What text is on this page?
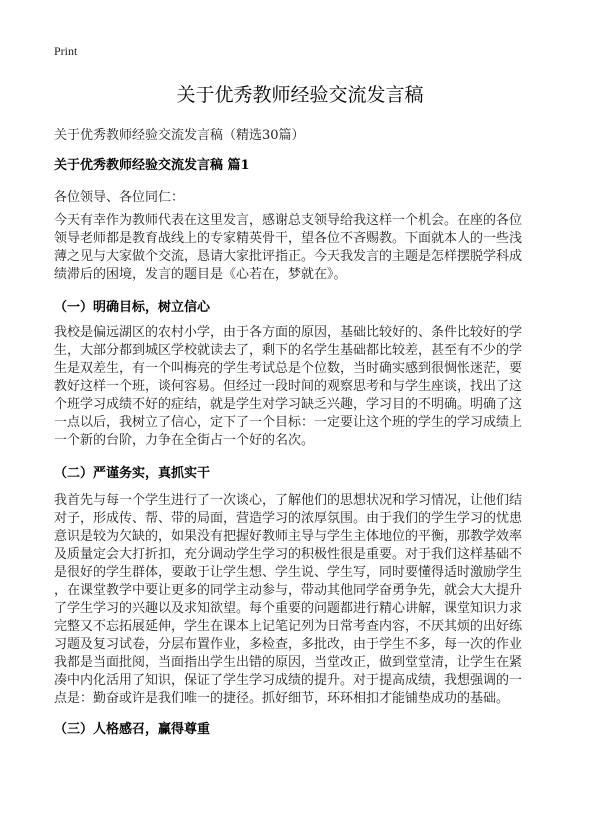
Print
关于优秀教师经验交流发言稿
关于优秀教师经验交流发言稿（精选30篇）
关于优秀教师经验交流发言稿 篇1
各位领导、各位同仁：

今天有幸作为教师代表在这里发言，感谢总支领导给我这样一个机会。在座的各位
领导老师都是教育战线上的专家精英骨干，望各位不吝赐教。下面就本人的一些浅
薄之见与大家做个交流，恳请大家批评指正。今天我发言的主题是怎样摆脱学科成
绩滞后的困境，发言的题目是《心若在，梦就在》。

（一）明确目标，树立信心

我校是偏远湖区的农村小学，由于各方面的原因，基础比较好的、条件比较好的学
生，大部分都到城区学校就读去了，剩下的名学生基础都比较差，甚至有不少的学
生是双差生，有一个叫梅亮的学生考试总是个位数，当时确实感到很惆怅迷茫，要
教好这样一个班，谈何容易。但经过一段时间的观察思考和与学生座谈，找出了这
个班学习成绩不好的症结，就是学生对学习缺乏兴趣，学习目的不明确。明确了这
一点以后，我树立了信心，定下了一个目标：一定要让这个班的学生的学习成绩上
一个新的台阶，力争在全街占一个好的名次。

（二）严谨务实，真抓实干

我首先与每一个学生进行了一次谈心，了解他们的思想状况和学习情况，让他们结
对子，形成传、帮、带的局面，营造学习的浓厚氛围。由于我们的学生学习的忧患
意识是较为欠缺的，如果没有把握好教师主导与学生主体地位的平衡，那教学效率
及质量定会大打折扣，充分调动学生学习的积极性很是重要。对于我们这样基础不
是很好的学生群体，要敢于让学生想、学生说、学生写，同时要懂得适时激励学生
，在课堂教学中要让更多的同学主动参与，带动其他同学奋勇争先，就会大大提升
了学生学习的兴趣以及求知欲望。每个重要的问题都进行精心讲解，课堂知识力求
完整又不忘拓展延伸，学生在课本上记笔记列为日常考查内容，不厌其烦的出好练
习题及复习试卷，分层布置作业，多检查，多批改，由于学生不多，每一次的作业
我都是当面批阅，当面指出学生出错的原因，当堂改正，做到堂堂清，让学生在紧
凑中内化活用了知识，保证了学生学习成绩的提升。对于提高成绩，我想强调的一
点是：勤奋或许是我们唯一的捷径。抓好细节，环环相扣才能铺垫成功的基础。

（三）人格感召，赢得尊重
